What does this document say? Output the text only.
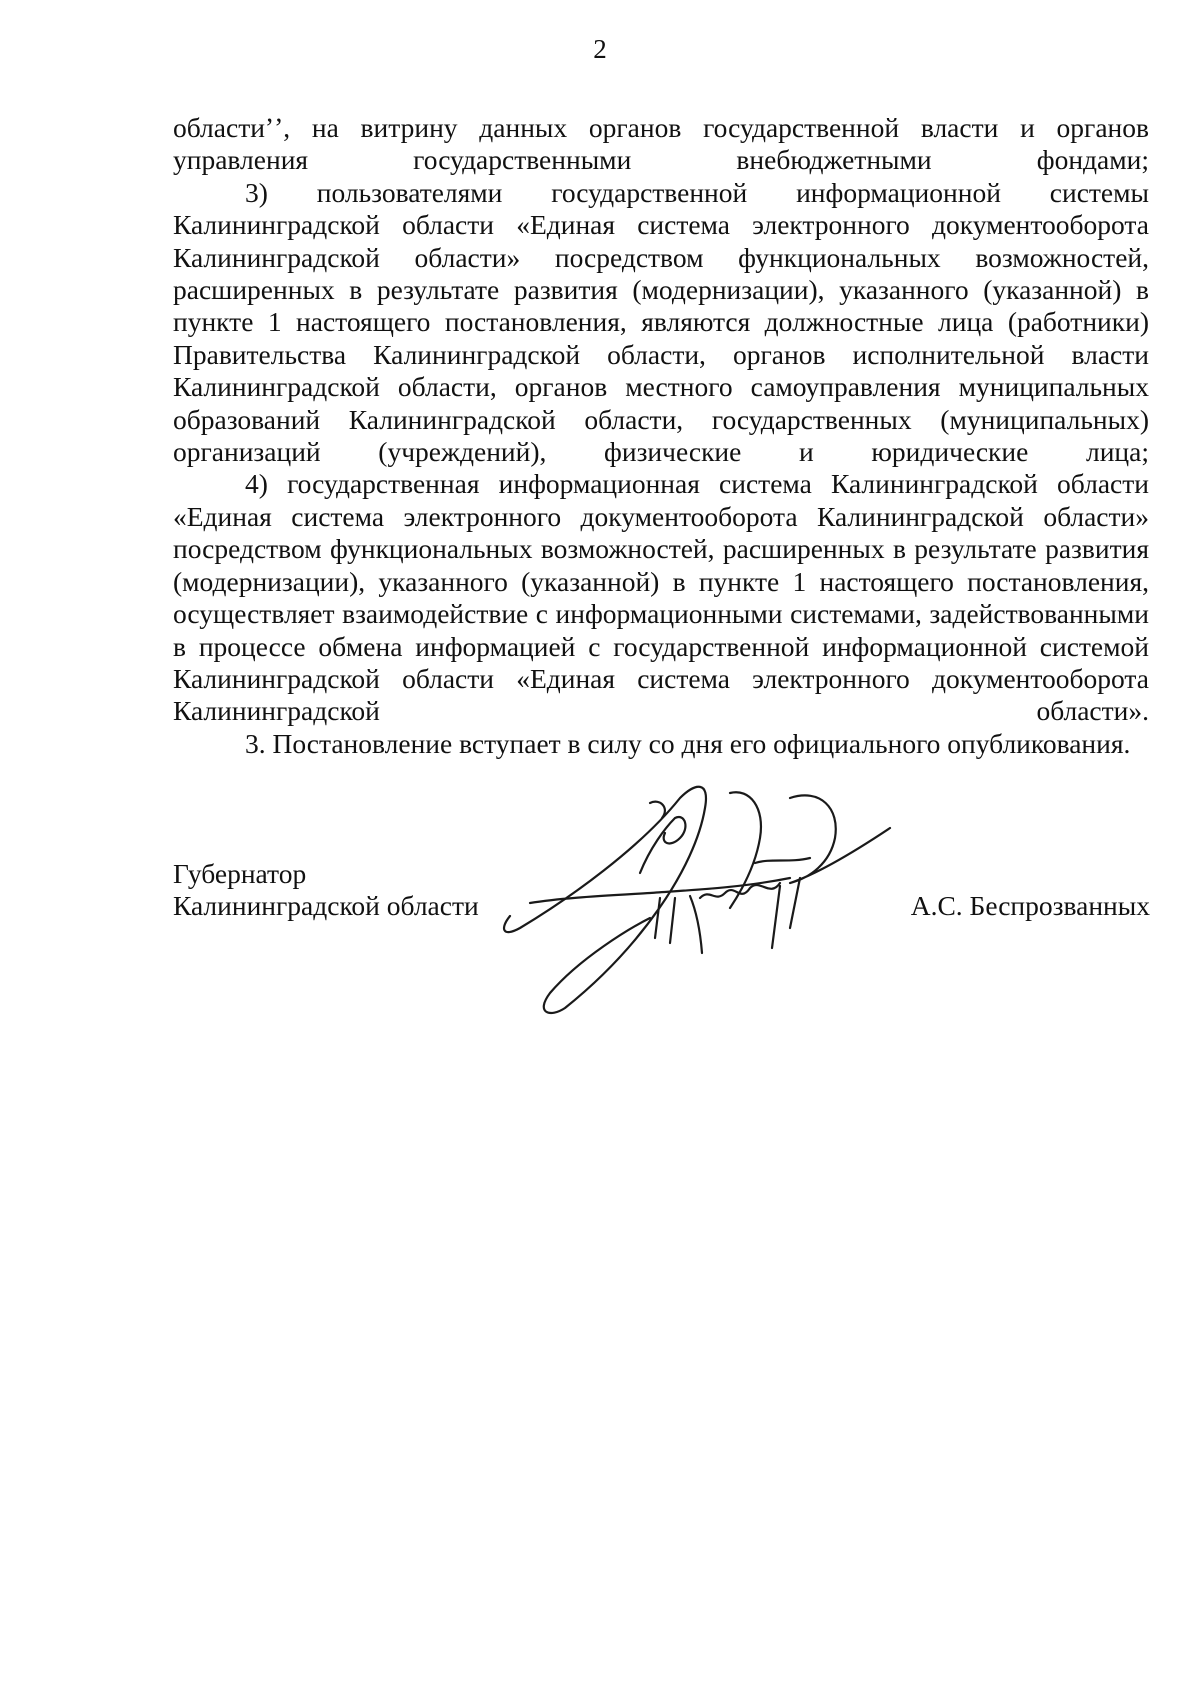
2

областиʼʼ, на витрину данных органов государственной власти и органов управления государственными внебюджетными фондами;

3) пользователями государственной информационной системы Калининградской области «Единая система электронного документооборота Калининградской области» посредством функциональных возможностей, расширенных в результате развития (модернизации), указанного (указанной) в пункте 1 настоящего постановления, являются должностные лица (работники) Правительства Калининградской области, органов исполнительной власти Калининградской области, органов местного самоуправления муниципальных образований Калининградской области, государственных (муниципальных) организаций (учреждений), физические и юридические лица;

4) государственная информационная система Калининградской области «Единая система электронного документооборота Калининградской области» посредством функциональных возможностей, расширенных в результате развития (модернизации), указанного (указанной) в пункте 1 настоящего постановления, осуществляет взаимодействие с информационными системами, задействованными в процессе обмена информацией с государственной информационной системой Калининградской области «Единая система электронного документооборота Калининградской области».

3. Постановление вступает в силу со дня его официального опубликования.

Губернатор
Калининградской области	А.С. Беспрозванных
